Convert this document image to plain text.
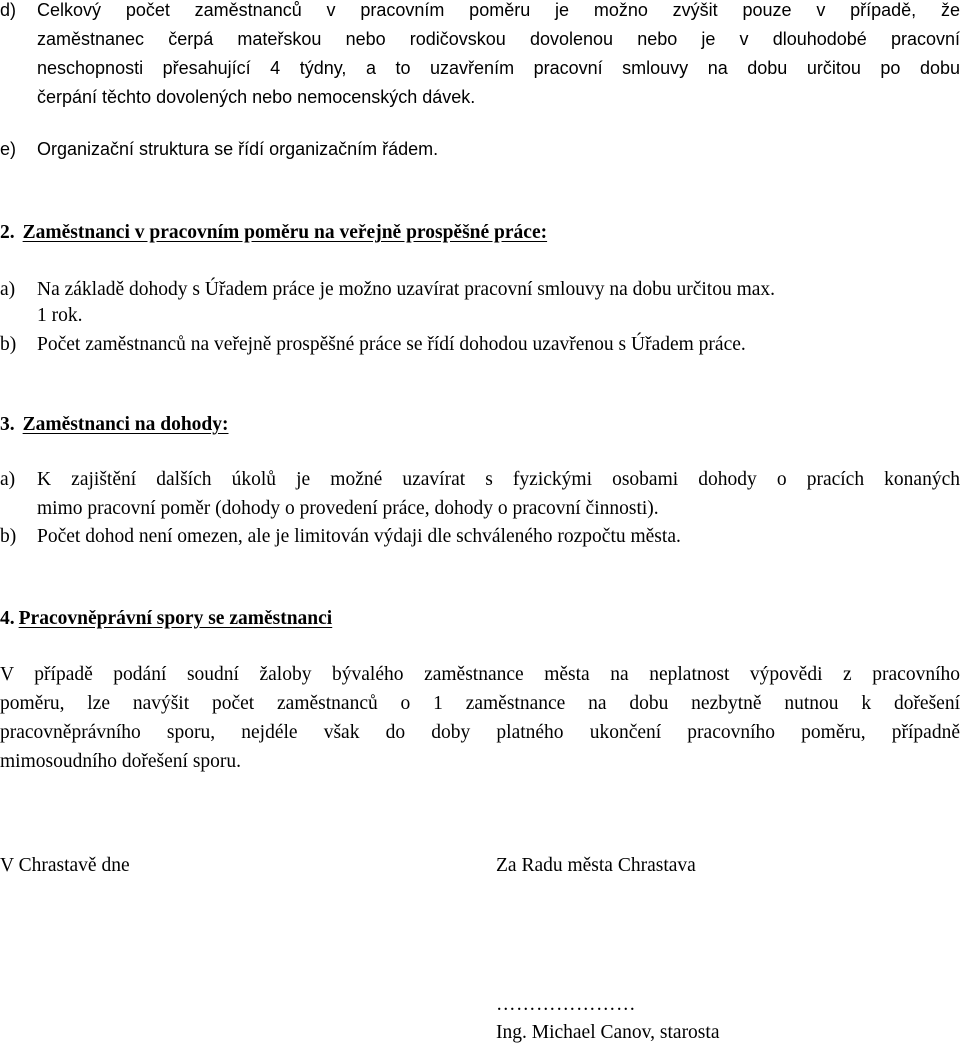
d) Celkový počet zaměstnanců v pracovním poměru je možno zvýšit pouze v případě, že
zaměstnanec čerpá mateřskou nebo rodičovskou dovolenou nebo je v dlouhodobé pracovní
neschopnosti přesahující 4 týdny, a to uzavřením pracovní smlouvy na dobu určitou po dobu
čerpání těchto dovolených nebo nemocenských dávek.
e) Organizační struktura se řídí organizačním řádem.
2. Zaměstnanci v pracovním poměru na veřejně prospěšné práce:
a) Na základě dohody s Úřadem práce je možno uzavírat pracovní smlouvy na dobu určitou max.
1 rok.
b) Počet zaměstnanců na veřejně prospěšné práce se řídí dohodou uzavřenou s Úřadem práce.
3. Zaměstnanci na dohody:
a) K zajištění dalších úkolů je možné uzavírat s fyzickými osobami dohody o pracích konaných
mimo pracovní poměr (dohody o provedení práce, dohody o pracovní činnosti).
b) Počet dohod není omezen, ale je limitován výdaji dle schváleného rozpočtu města.
4. Pracovněprávní spory se zaměstnanci
V případě podání soudní žaloby bývalého zaměstnance města na neplatnost výpovědi z pracovního
poměru, lze navýšit počet zaměstnanců o 1 zaměstnance na dobu nezbytně nutnou k dořešení
pracovněprávního sporu, nejdéle však do doby platného ukončení pracovního poměru, případně
mimosoudního dořešení sporu.
V Chrastavě dne	Za Radu města Chrastava
…………………
Ing. Michael Canov, starosta
